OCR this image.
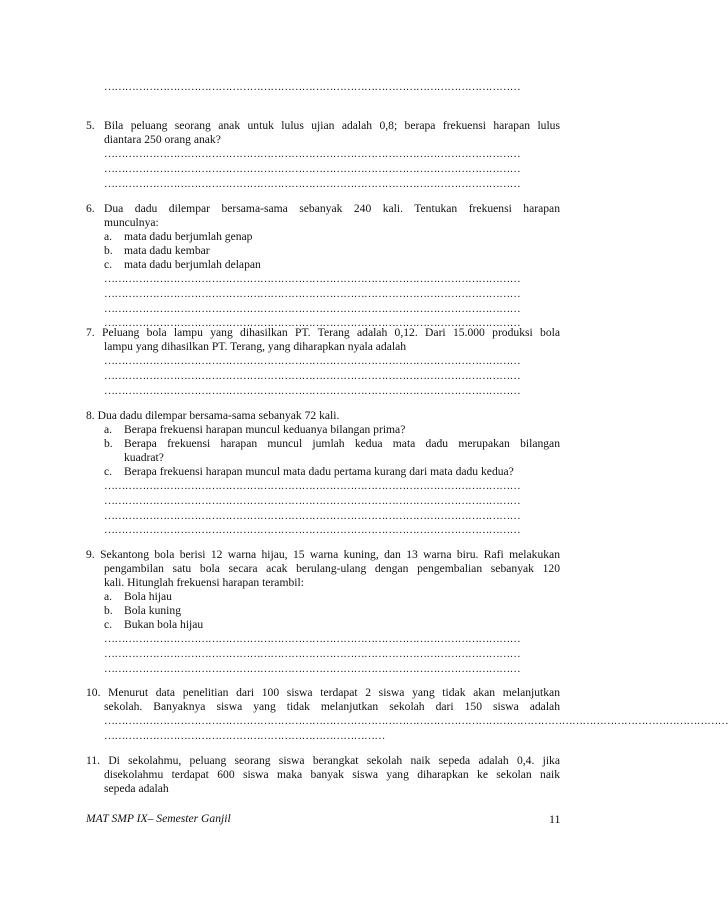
…………………………………………………………………………………………………………
5. Bila peluang seorang anak untuk lulus ujian adalah 0,8; berapa frekuensi harapan lulus
diantara 250 orang anak?
…………………………………………………………………………………………………………
…………………………………………………………………………………………………………
…………………………………………………………………………………………………………
6. Dua dadu dilempar bersama-sama sebanyak 240 kali. Tentukan frekuensi harapan
munculnya:
a. mata dadu berjumlah genap
b. mata dadu kembar
c. mata dadu berjumlah delapan
…………………………………………………………………………………………………………
…………………………………………………………………………………………………………
…………………………………………………………………………………………………………
…………………………………………………………………………………………………………
7. Peluang bola lampu yang dihasilkan PT. Terang adalah 0,12. Dari 15.000 produksi bola
lampu yang dihasilkan PT. Terang, yang diharapkan nyala adalah
…………………………………………………………………………………………………………
…………………………………………………………………………………………………………
…………………………………………………………………………………………………………
8. Dua dadu dilempar bersama-sama sebanyak 72 kali.
a. Berapa frekuensi harapan muncul keduanya bilangan prima?
b. Berapa frekuensi harapan muncul jumlah kedua mata dadu merupakan bilangan
kuadrat?
c. Berapa frekuensi harapan muncul mata dadu pertama kurang dari mata dadu kedua?
…………………………………………………………………………………………………………
…………………………………………………………………………………………………………
…………………………………………………………………………………………………………
…………………………………………………………………………………………………………
9. Sekantong bola berisi 12 warna hijau, 15 warna kuning, dan 13 warna biru. Rafi melakukan
pengambilan satu bola secara acak berulang-ulang dengan pengembalian sebanyak 120
kali. Hitunglah frekuensi harapan terambil:
a. Bola hijau
b. Bola kuning
c. Bukan bola hijau
…………………………………………………………………………………………………………
…………………………………………………………………………………………………………
…………………………………………………………………………………………………………
10. Menurut data penelitian dari 100 siswa terdapat 2 siswa yang tidak akan melanjutkan
sekolah. Banyaknya siswa yang tidak melanjutkan sekolah dari 150 siswa adalah
………………………………………………………………………………………………………………………………………………………………
………………………………………………………………………
11. Di sekolahmu, peluang seorang siswa berangkat sekolah naik sepeda adalah 0,4. jika
disekolahmu terdapat 600 siswa maka banyak siswa yang diharapkan ke sekolan naik
sepeda adalah
MAT SMP IX– Semester Ganjil	11
